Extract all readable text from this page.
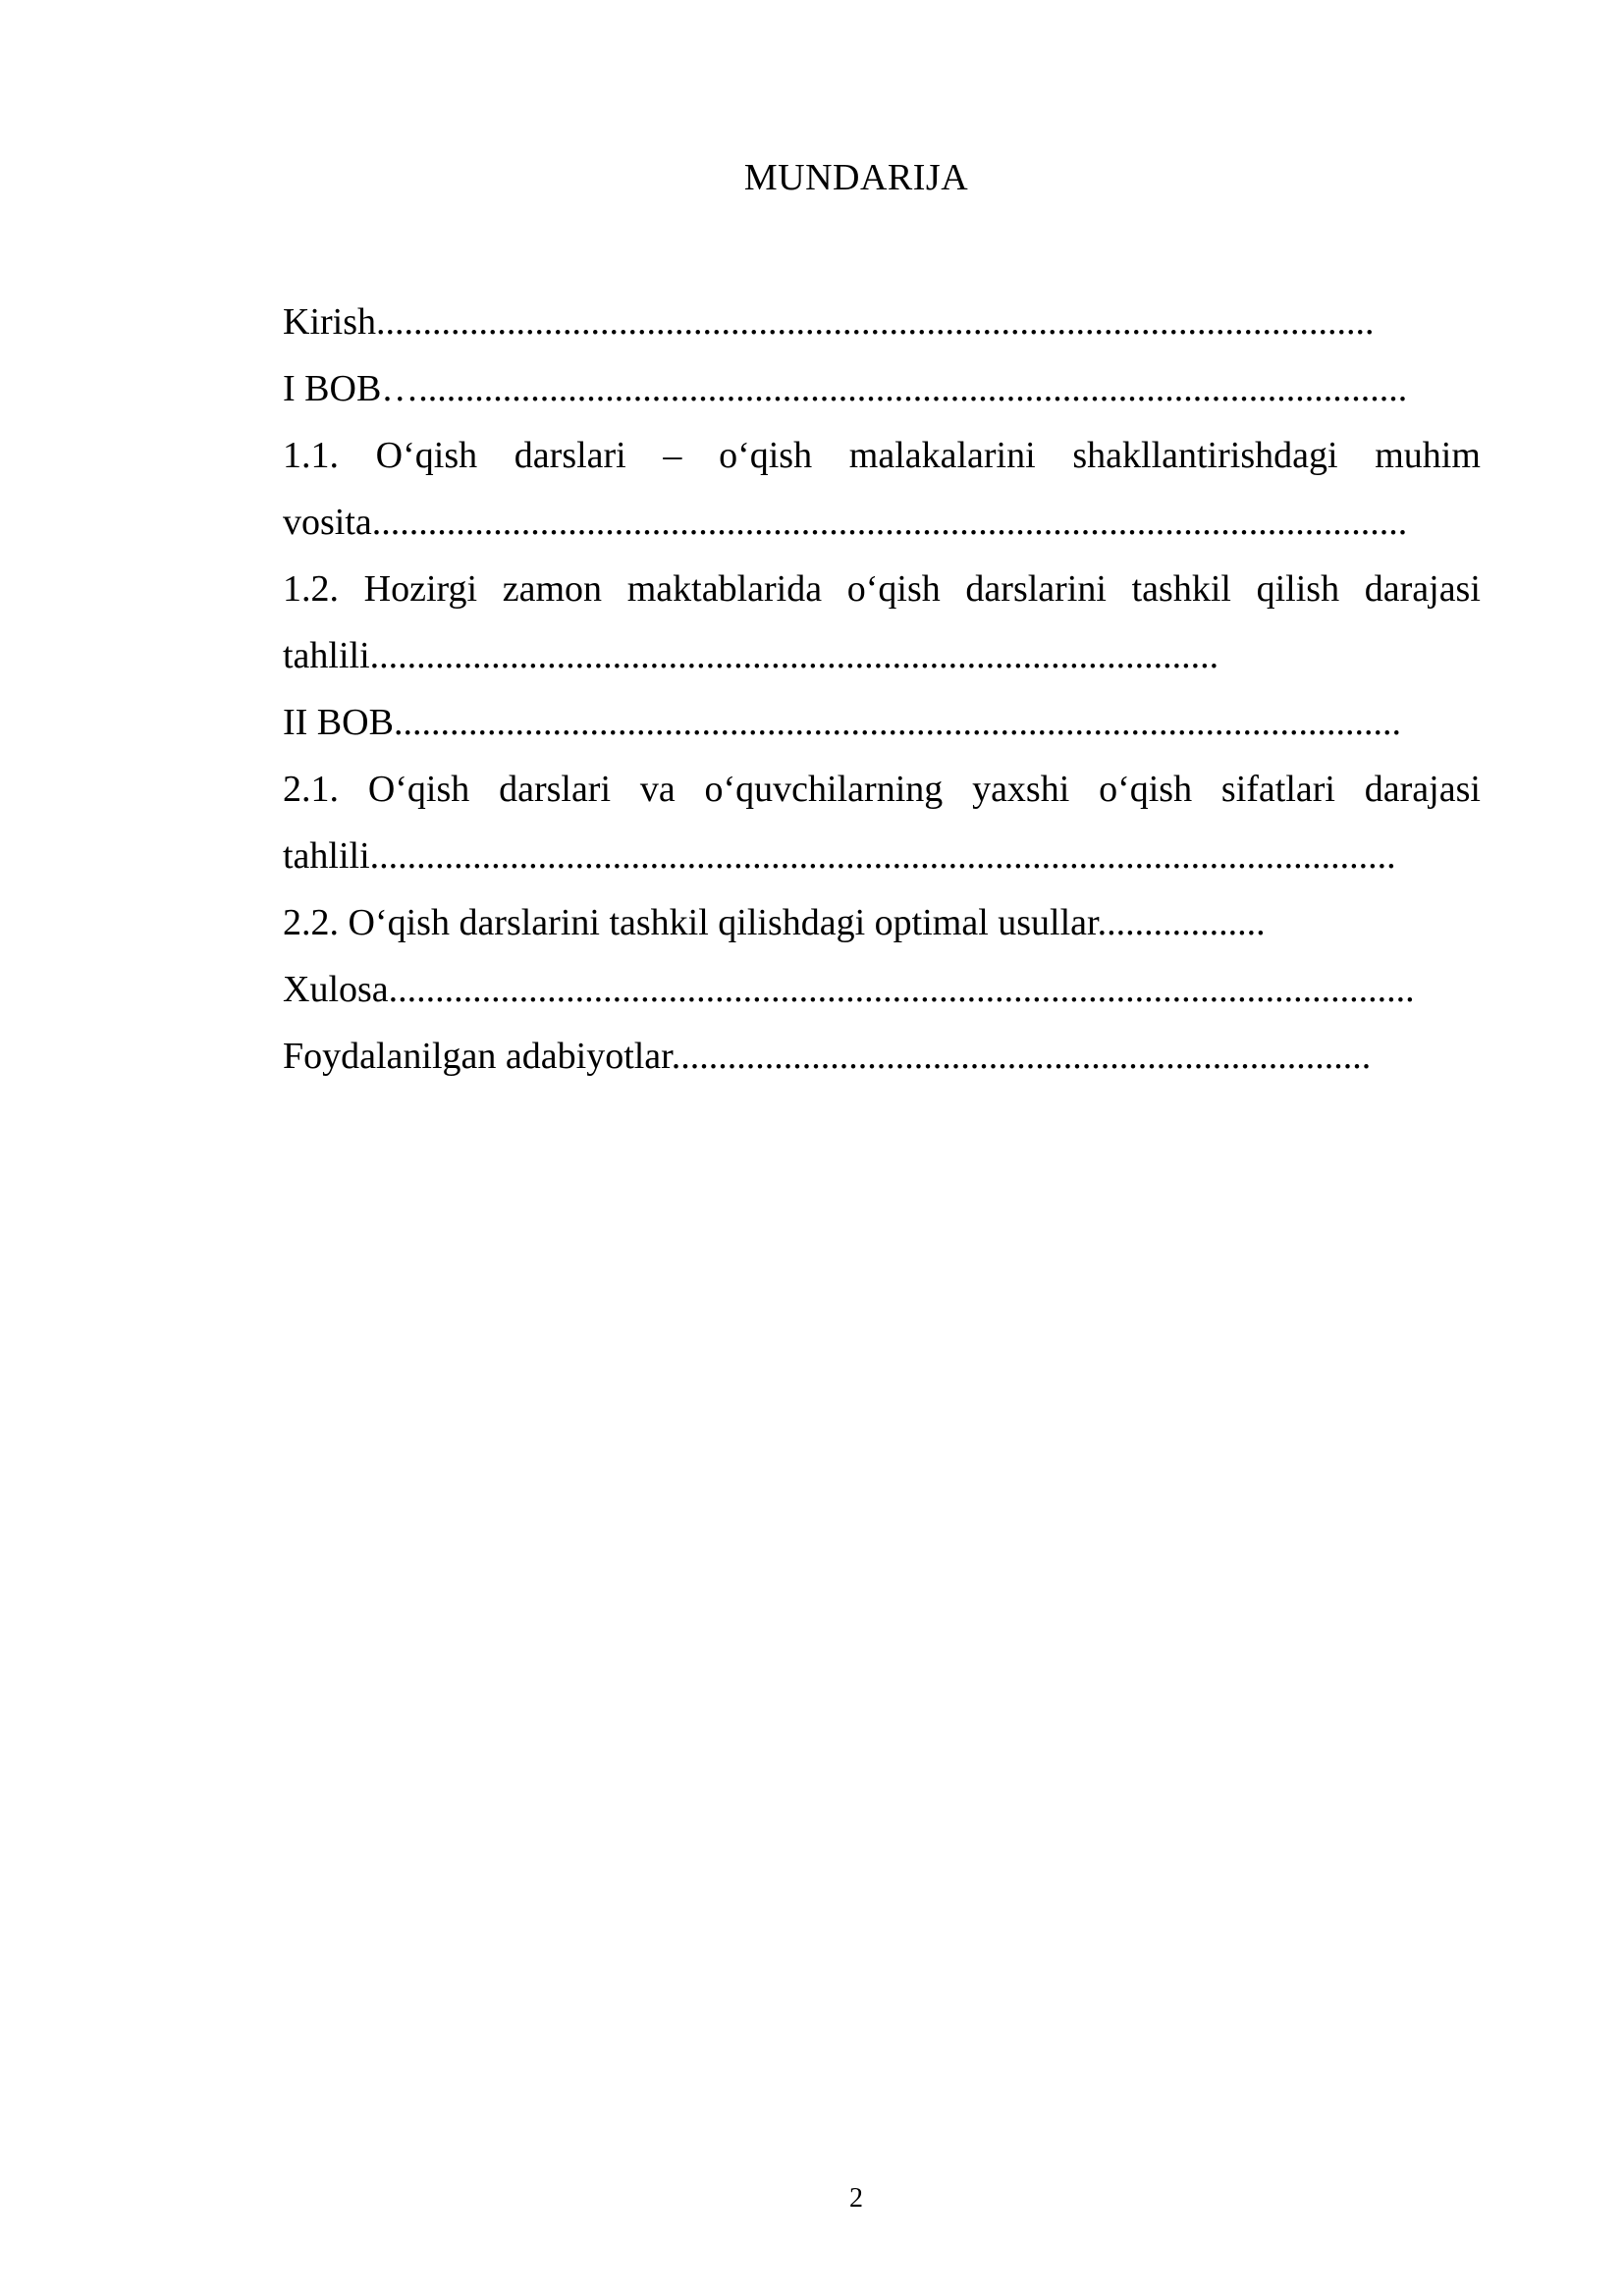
MUNDARIJA
Kirish...........................................................................................................
I BOB…..........................................................................................................
1.1. O‘qish darslari – o‘qish malakalarini shakllantirishdagi muhim
vosita...............................................................................................................
1.2. Hozirgi zamon maktablarida o‘qish darslarini tashkil qilish darajasi
tahlili...........................................................................................
II BOB............................................................................................................
2.1. O‘qish darslari va o‘quvchilarning yaxshi o‘qish sifatlari darajasi
tahlili..............................................................................................................
2.2. O‘qish darslarini tashkil qilishdagi optimal usullar..................
Xulosa..............................................................................................................
Foydalanilgan adabiyotlar...........................................................................
2
